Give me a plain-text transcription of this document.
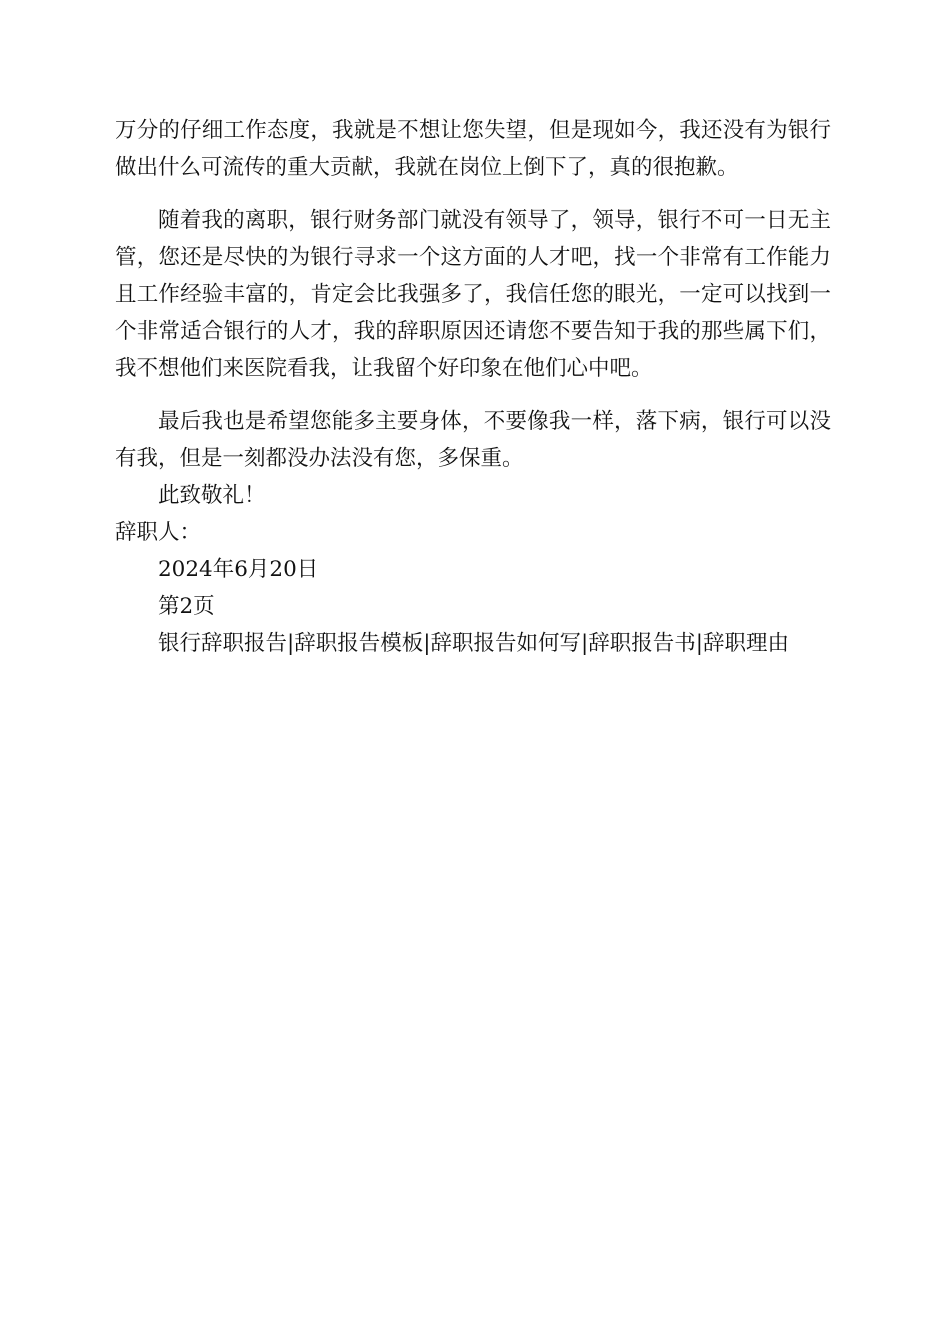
万分的仔细工作态度，我就是不想让您失望，但是现如今，我还没有为银行做出什么可流传的重大贡献，我就在岗位上倒下了，真的很抱歉。

随着我的离职，银行财务部门就没有领导了，领导，银行不可一日无主管，您还是尽快的为银行寻求一个这方面的人才吧，找一个非常有工作能力且工作经验丰富的，肯定会比我强多了，我信任您的眼光，一定可以找到一个非常适合银行的人才，我的辞职原因还请您不要告知于我的那些属下们，我不想他们来医院看我，让我留个好印象在他们心中吧。

最后我也是希望您能多主要身体，不要像我一样，落下病，银行可以没有我，但是一刻都没办法没有您，多保重。

此致敬礼！

辞职人：

2024年6月20日

第2页

银行辞职报告|辞职报告模板|辞职报告如何写|辞职报告书|辞职理由
